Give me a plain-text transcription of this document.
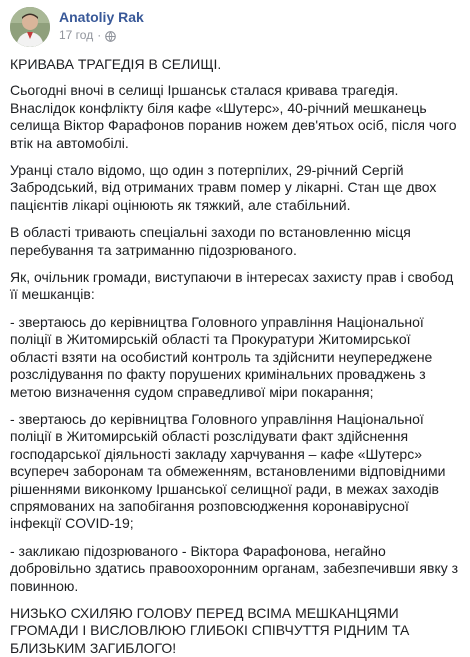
Anatoliy Rak
17 год ·

КРИВАВА ТРАГЕДІЯ В СЕЛИЩІ.

Сьогодні вночі в селищі Іршанськ сталася кривава трагедія. Внаслідок конфлікту біля кафе «Шутерс», 40-річний мешканець селища Віктор Фарафонов поранив ножем дев'ятьох осіб, після чого втік на автомобілі.

Уранці стало відомо, що один з потерпілих, 29-річний Сергій Забродський, від отриманих травм помер у лікарні. Стан ще двох пацієнтів лікарі оцінюють як тяжкий, але стабільний.

В області тривають спеціальні заходи по встановленню місця перебування та затриманню підозрюваного.

Як, очільник громади, виступаючи в інтересах захисту прав і свобод її мешканців:

- звертаюсь до керівництва Головного управління Національної поліції в Житомирській області та Прокуратури Житомирської області взяти на особистий контроль та здійснити неупереджене розслідування по факту порушених кримінальних проваджень з метою визначення судом справедливої міри покарання;

- звертаюсь до керівництва Головного управління Національної поліції в Житомирській області розслідувати факт здійснення господарської діяльності закладу харчування – кафе «Шутерс» всупереч заборонам та обмеженням, встановленими відповідними рішеннями виконкому Іршанської селищної ради, в межах заходів спрямованих на запобігання розповсюдження коронавірусної інфекції COVID-19;

- закликаю підозрюваного - Віктора Фарафонова, негайно добровільно здатись правоохоронним органам, забезпечивши явку з повинною.

НИЗЬКО СХИЛЯЮ ГОЛОВУ ПЕРЕД ВСІМА МЕШКАНЦЯМИ ГРОМАДИ І ВИСЛОВЛЮЮ ГЛИБОКІ СПІВЧУТТЯ РІДНИМ ТА БЛИЗЬКИМ ЗАГИБЛОГО!
